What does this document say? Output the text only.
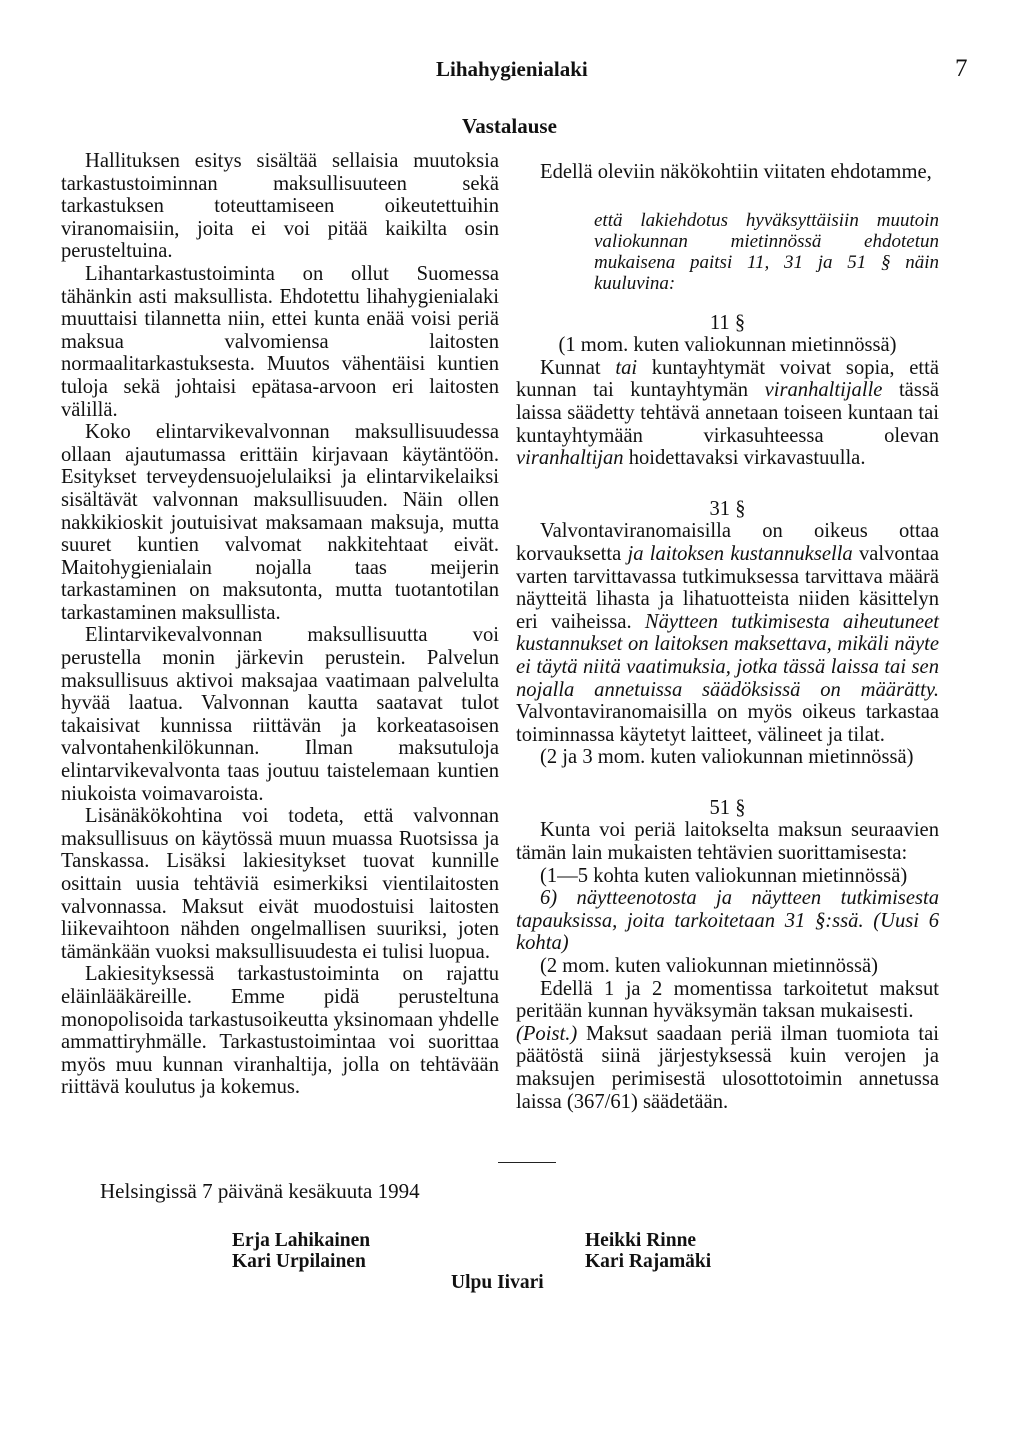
Lihahygienialaki	7
Vastalause

Hallituksen esitys sisältää sellaisia muutoksia tarkastustoiminnan maksullisuuteen sekä tarkastuksen toteuttamiseen oikeutettuihin viranomaisiin, joita ei voi pitää kaikilta osin perusteltuina.

Lihantarkastustoiminta on ollut Suomessa tähänkin asti maksullista. Ehdotettu lihahygienialaki muuttaisi tilannetta niin, ettei kunta enää voisi periä maksua valvomiensa laitosten normaalitarkastuksesta. Muutos vähentäisi kuntien tuloja sekä johtaisi epätasa-arvoon eri laitosten välillä.

Koko elintarvikevalvonnan maksullisuudessa ollaan ajautumassa erittäin kirjavaan käytäntöön. Esitykset terveydensuojelulaiksi ja elintarvikelaiksi sisältävät valvonnan maksullisuuden. Näin ollen nakkikioskit joutuisivat maksamaan maksuja, mutta suuret kuntien valvomat nakkitehtaat eivät. Maitohygienialain nojalla taas meijerin tarkastaminen on maksutonta, mutta tuotantotilan tarkastaminen maksullista.

Elintarvikevalvonnan maksullisuutta voi perustella monin järkevin perustein. Palvelun maksullisuus aktivoi maksajaa vaatimaan palvelulta hyvää laatua. Valvonnan kautta saatavat tulot takaisivat kunnissa riittävän ja korkeatasoisen valvontahenkilökunnan. Ilman maksutuloja elintarvikevalvonta taas joutuu taistelemaan kuntien niukoista voimavaroista.

Lisänäkökohtina voi todeta, että valvonnan maksullisuus on käytössä muun muassa Ruotsissa ja Tanskassa. Lisäksi lakiesitykset tuovat kunnille osittain uusia tehtäviä esimerkiksi vientilaitosten valvonnassa. Maksut eivät muodostuisi laitosten liikevaihtoon nähden ongelmallisen suuriksi, joten tämänkään vuoksi maksullisuudesta ei tulisi luopua.

Lakiesityksessä tarkastustoiminta on rajattu eläinlääkäreille. Emme pidä perusteltuna monopolisoida tarkastusoikeutta yksinomaan yhdelle ammattiryhmälle. Tarkastustoimintaa voi suorittaa myös muu kunnan viranhaltija, jolla on tehtävään riittävä koulutus ja kokemus.

Edellä oleviin näkökohtiin viitaten ehdotamme,

että lakiehdotus hyväksyttäisiin muutoin valiokunnan mietinnössä ehdotetun mukaisena paitsi 11, 31 ja 51 § näin kuuluvina:

11 §

(1 mom. kuten valiokunnan mietinnössä)

Kunnat tai kuntayhtymät voivat sopia, että kunnan tai kuntayhtymän viranhaltijalle tässä laissa säädetty tehtävä annetaan toiseen kuntaan tai kuntayhtymään virkasuhteessa olevan viranhaltijan hoidettavaksi virkavastuulla.

31 §

Valvontaviranomaisilla on oikeus ottaa korvauksetta ja laitoksen kustannuksella valvontaa varten tarvittavassa tutkimuksessa tarvittava määrä näytteitä lihasta ja lihatuotteista niiden käsittelyn eri vaiheissa. Näytteen tutkimisesta aiheutuneet kustannukset on laitoksen maksettava, mikäli näyte ei täytä niitä vaatimuksia, jotka tässä laissa tai sen nojalla annetuissa säädöksissä on määrätty. Valvontaviranomaisilla on myös oikeus tarkastaa toiminnassa käytetyt laitteet, välineet ja tilat.

(2 ja 3 mom. kuten valiokunnan mietinnössä)

51 §

Kunta voi periä laitokselta maksun seuraavien tämän lain mukaisten tehtävien suorittamisesta:

(1—5 kohta kuten valiokunnan mietinnössä)

6) näytteenotosta ja näytteen tutkimisesta tapauksissa, joita tarkoitetaan 31 §:ssä. (Uusi 6 kohta)

(2 mom. kuten valiokunnan mietinnössä)

Edellä 1 ja 2 momentissa tarkoitetut maksut peritään kunnan hyväksymän taksan mukaisesti.

(Poist.) Maksut saadaan periä ilman tuomiota tai päätöstä siinä järjestyksessä kuin verojen ja maksujen perimisestä ulosottotoimin annetussa laissa (367/61) säädetään.

Helsingissä 7 päivänä kesäkuuta 1994
Erja Lahikainen
Kari Urpilainen
Heikki Rinne
Kari Rajamäki
Ulpu Iivari
